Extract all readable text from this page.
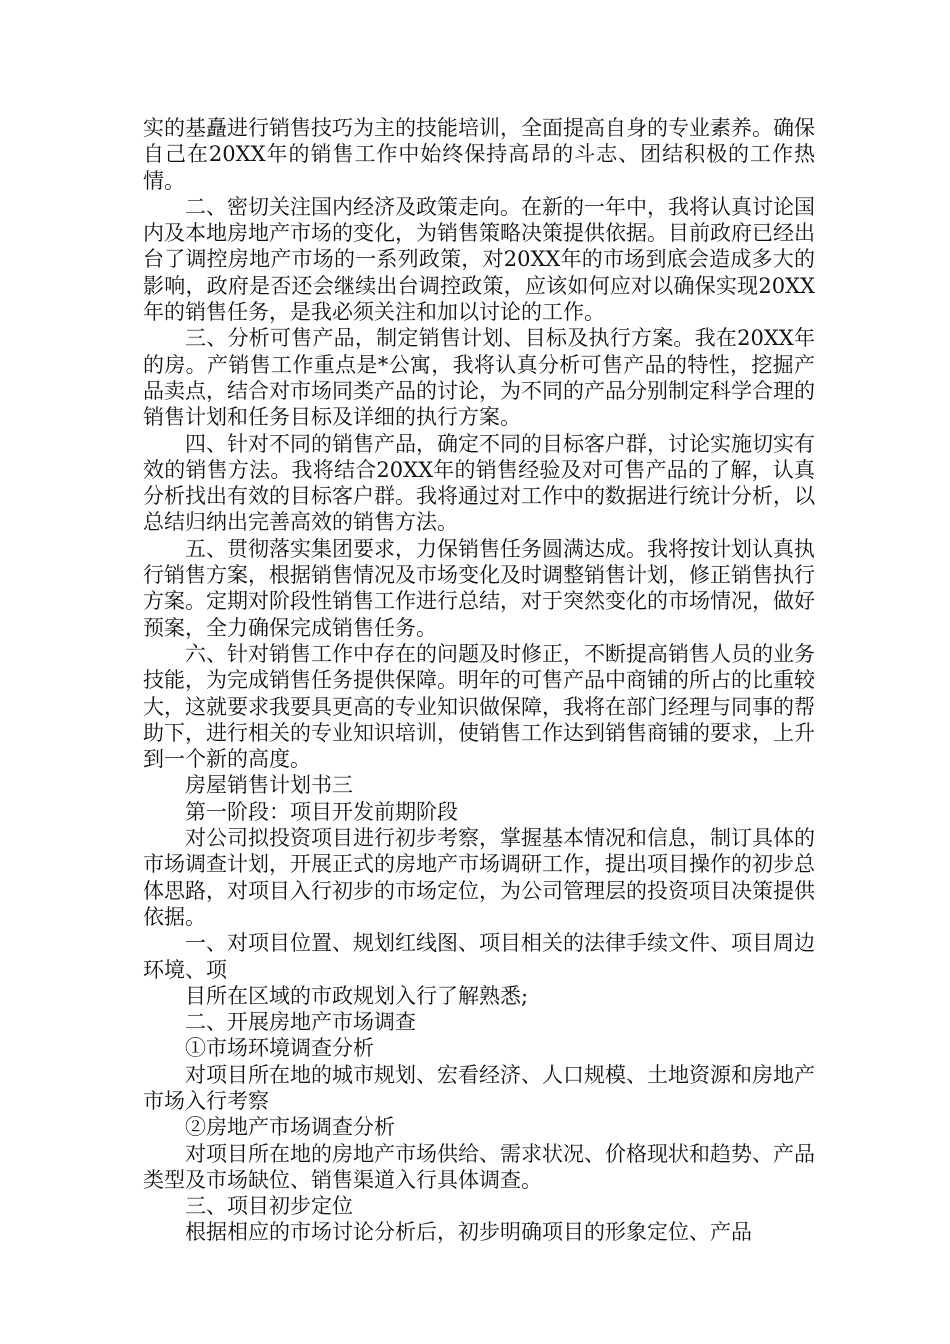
实的基矗进行销售技巧为主的技能培训，全面提高自身的专业素养。确保自己在20XX年的销售工作中始终保持高昂的斗志、团结积极的工作热情。

二、密切关注国内经济及政策走向。在新的一年中，我将认真讨论国内及本地房地产市场的变化，为销售策略决策提供依据。目前政府已经出台了调控房地产市场的一系列政策，对20XX年的市场到底会造成多大的影响，政府是否还会继续出台调控政策，应该如何应对以确保实现20XX年的销售任务，是我必须关注和加以讨论的工作。

三、分析可售产品，制定销售计划、目标及执行方案。我在20XX年的房。产销售工作重点是*公寓，我将认真分析可售产品的特性，挖掘产品卖点，结合对市场同类产品的讨论，为不同的产品分别制定科学合理的销售计划和任务目标及详细的执行方案。

四、针对不同的销售产品，确定不同的目标客户群，讨论实施切实有效的销售方法。我将结合20XX年的销售经验及对可售产品的了解，认真分析找出有效的目标客户群。我将通过对工作中的数据进行统计分析，以总结归纳出完善高效的销售方法。

五、贯彻落实集团要求，力保销售任务圆满达成。我将按计划认真执行销售方案，根据销售情况及市场变化及时调整销售计划，修正销售执行方案。定期对阶段性销售工作进行总结，对于突然变化的市场情况，做好预案，全力确保完成销售任务。

六、针对销售工作中存在的问题及时修正，不断提高销售人员的业务技能，为完成销售任务提供保障。明年的可售产品中商铺的所占的比重较大，这就要求我要具更高的专业知识做保障，我将在部门经理与同事的帮助下，进行相关的专业知识培训，使销售工作达到销售商铺的要求，上升到一个新的高度。

房屋销售计划书三

第一阶段：项目开发前期阶段

对公司拟投资项目进行初步考察，掌握基本情况和信息，制订具体的市场调查计划，开展正式的房地产市场调研工作，提出项目操作的初步总体思路，对项目入行初步的市场定位，为公司管理层的投资项目决策提供依据。

一、对项目位置、规划红线图、项目相关的法律手续文件、项目周边环境、项

目所在区域的市政规划入行了解熟悉;

二、开展房地产市场调查

①市场环境调查分析

对项目所在地的城市规划、宏看经济、人口规模、土地资源和房地产市场入行考察

②房地产市场调查分析

对项目所在地的房地产市场供给、需求状况、价格现状和趋势、产品类型及市场缺位、销售渠道入行具体调查。

三、项目初步定位

根据相应的市场讨论分析后，初步明确项目的形象定位、产品
